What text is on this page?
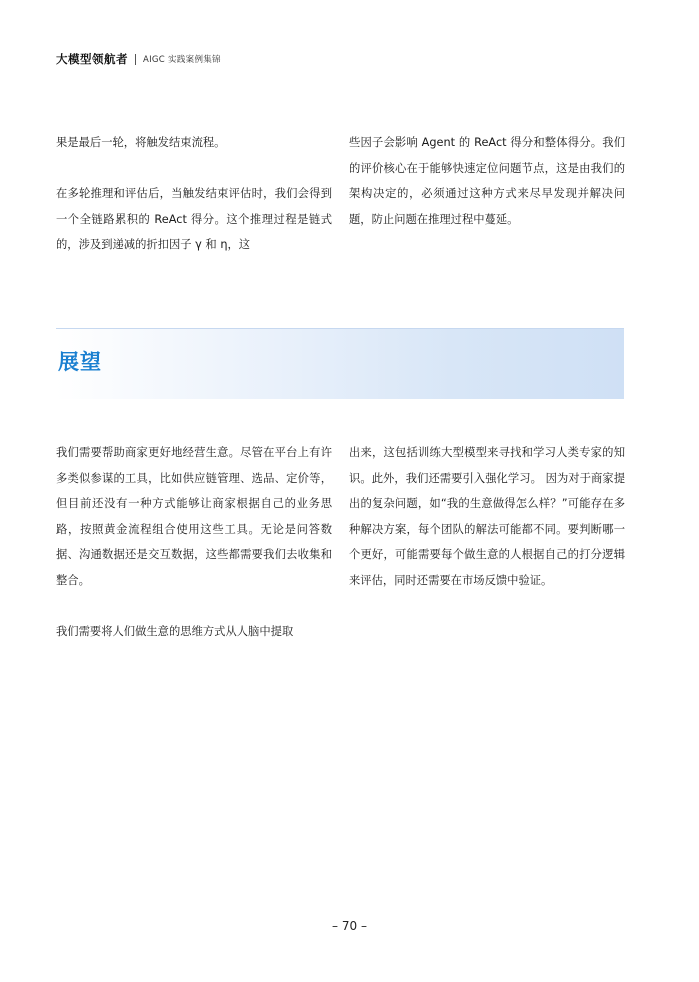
大模型领航者 AIGC 实践案例集锦

果是最后一轮，将触发结束流程。

在多轮推理和评估后，当触发结束评估时，我们会得到一个全链路累积的 ReAct 得分。这个推理过程是链式的，涉及到递减的折扣因子 γ 和 η，这

些因子会影响 Agent 的 ReAct 得分和整体得分。我们的评价核心在于能够快速定位问题节点，这是由我们的架构决定的，必须通过这种方式来尽早发现并解决问题，防止问题在推理过程中蔓延。

展望

我们需要帮助商家更好地经营生意。尽管在平台上有许多类似参谋的工具，比如供应链管理、选品、定价等，但目前还没有一种方式能够让商家根据自己的业务思路，按照黄金流程组合使用这些工具。无论是问答数据、沟通数据还是交互数据，这些都需要我们去收集和整合。

我们需要将人们做生意的思维方式从人脑中提取

出来，这包括训练大型模型来寻找和学习人类专家的知识。此外，我们还需要引入强化学习。 因为对于商家提出的复杂问题，如“我的生意做得怎么样？”可能存在多种解决方案，每个团队的解法可能都不同。要判断哪一个更好，可能需要每个做生意的人根据自己的打分逻辑来评估，同时还需要在市场反馈中验证。

– 70 –
